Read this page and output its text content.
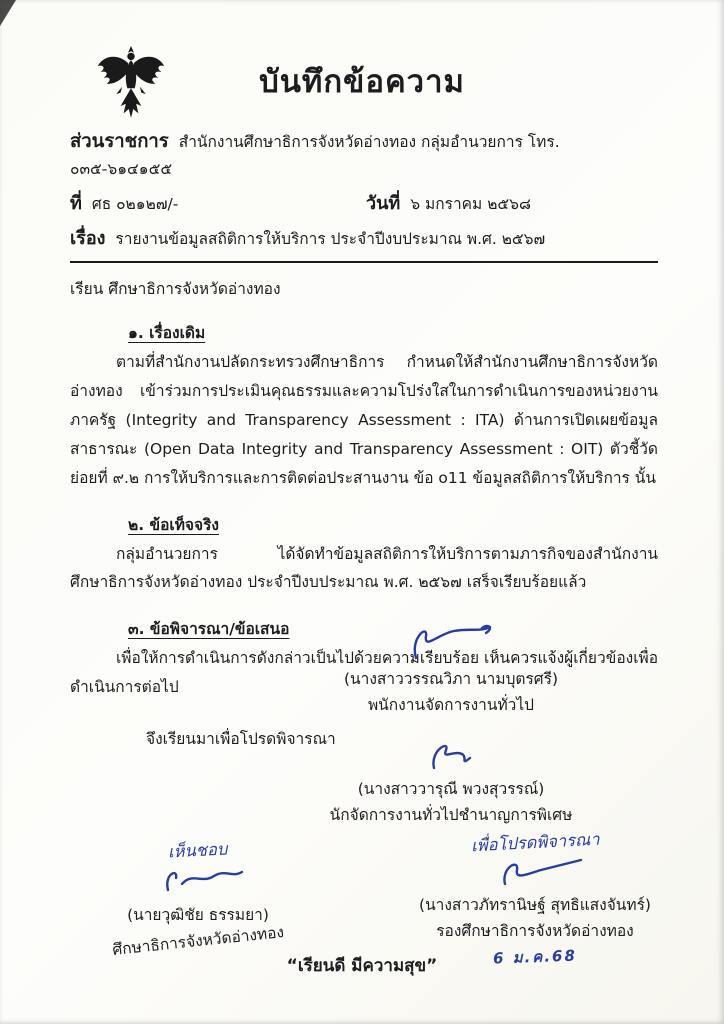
บันทึกข้อความ
ส่วนราชการ สำนักงานศึกษาธิการจังหวัดอ่างทอง กลุ่มอำนวยการ โทร. ๐๓๕-๖๑๔๑๕๕
ที่ ศธ ๐๒๑๒๗/-	วันที่ ๖ มกราคม ๒๕๖๘
เรื่อง รายงานข้อมูลสถิติการให้บริการ ประจำปีงบประมาณ พ.ศ. ๒๕๖๗
เรียน ศึกษาธิการจังหวัดอ่างทอง
๑. เรื่องเดิม

ตามที่สำนักงานปลัดกระทรวงศึกษาธิการ กำหนดให้สำนักงานศึกษาธิการจังหวัดอ่างทอง เข้าร่วมการประเมินคุณธรรมและความโปร่งใสในการดำเนินการของหน่วยงานภาครัฐ (Integrity and Transparency Assessment : ITA) ด้านการเปิดเผยข้อมูลสาธารณะ (Open Data Integrity and Transparency Assessment : OIT) ตัวชี้วัดย่อยที่ ๙.๒ การให้บริการและการติดต่อประสานงาน ข้อ o11 ข้อมูลสถิติการให้บริการ นั้น

๒. ข้อเท็จจริง

กลุ่มอำนวยการ ได้จัดทำข้อมูลสถิติการให้บริการตามภารกิจของสำนักงานศึกษาธิการจังหวัดอ่างทอง ประจำปีงบประมาณ พ.ศ. ๒๕๖๗ เสร็จเรียบร้อยแล้ว

๓. ข้อพิจารณา/ข้อเสนอ

เพื่อให้การดำเนินการดังกล่าวเป็นไปด้วยความเรียบร้อย เห็นควรแจ้งผู้เกี่ยวข้องเพื่อดำเนินการต่อไป

จึงเรียนมาเพื่อโปรดพิจารณา
(นางสาววรรณวิภา นามบุตรศรี)
พนักงานจัดการงานทั่วไป
(นางสาววารุณี พวงสุวรรณ์)
นักจัดการงานทั่วไปชำนาญการพิเศษ
เห็นชอบ
(นายวุฒิชัย ธรรมยา)
ศึกษาธิการจังหวัดอ่างทอง
เพื่อโปรดพิจารณา
(นางสาวภัทรานิษฐ์ สุทธิแสงจันทร์)
รองศึกษาธิการจังหวัดอ่างทอง
6 ม.ค.68
“เรียนดี มีความสุข”
